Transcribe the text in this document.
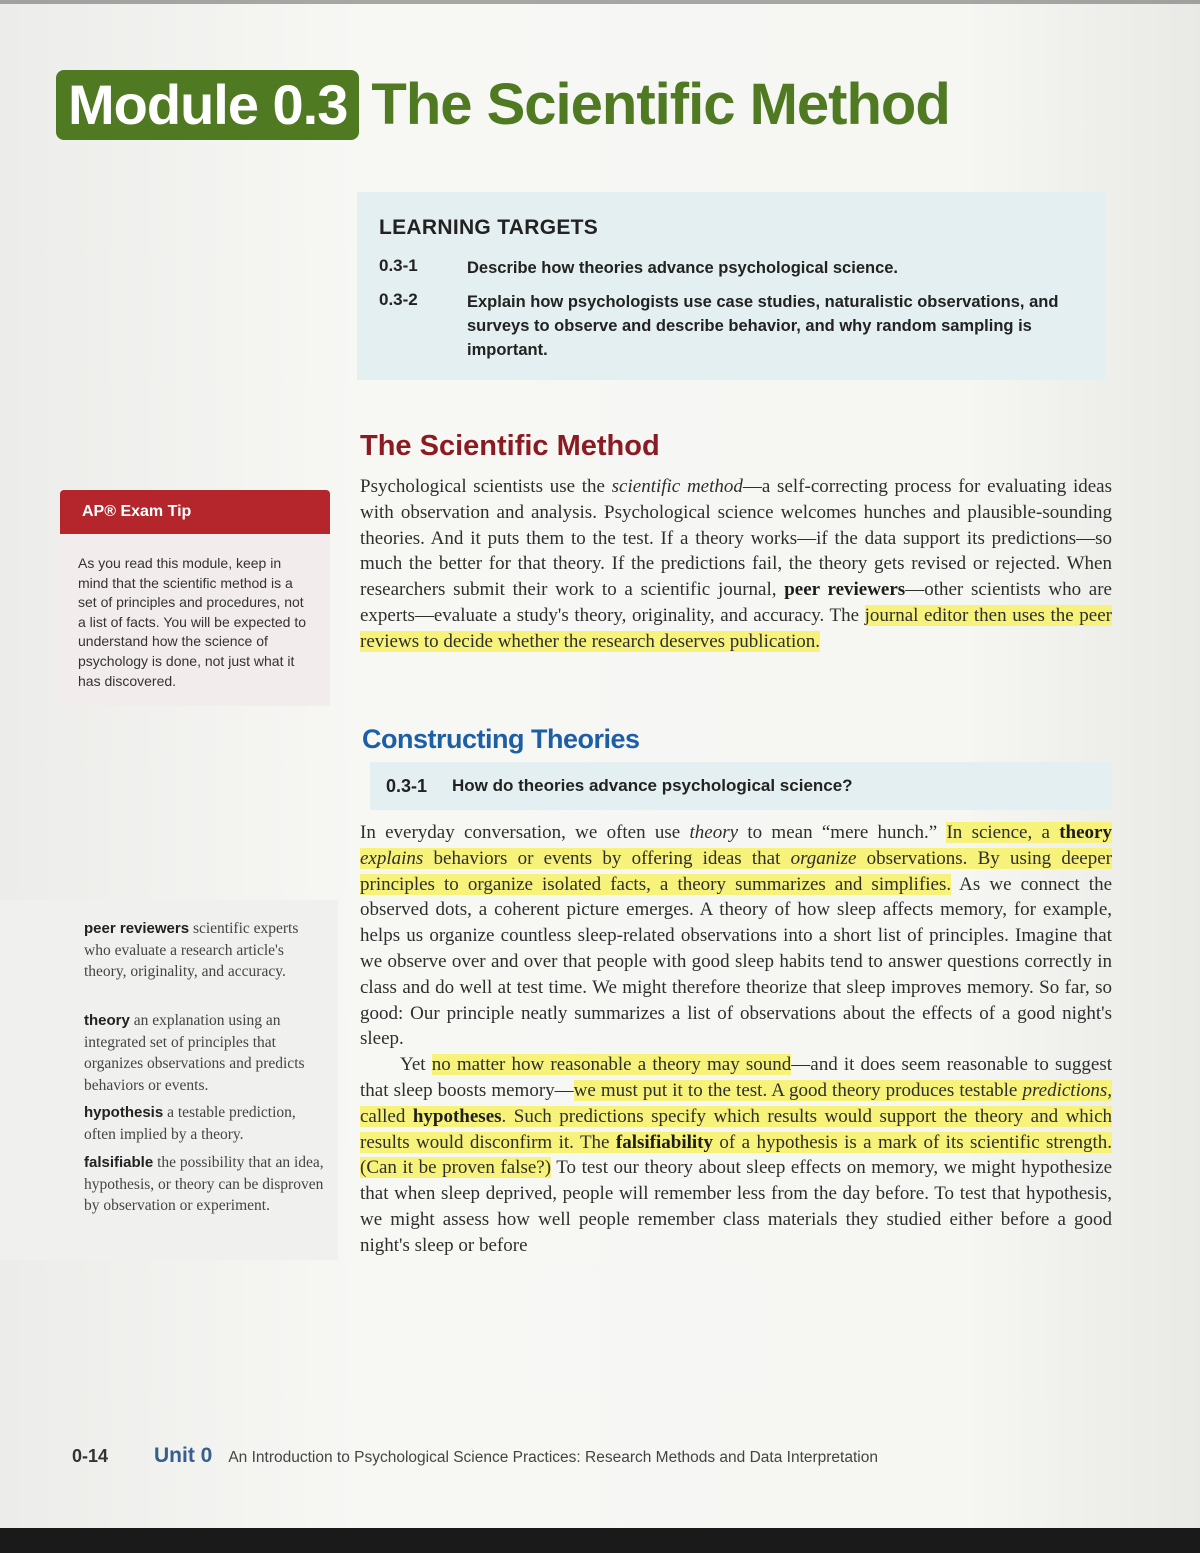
Module 0.3 The Scientific Method
LEARNING TARGETS
0.3-1	Describe how theories advance psychological science.
0.3-2	Explain how psychologists use case studies, naturalistic observations, and surveys to observe and describe behavior, and why random sampling is important.
AP® Exam Tip
As you read this module, keep in mind that the scientific method is a set of principles and procedures, not a list of facts. You will be expected to understand how the science of psychology is done, not just what it has discovered.
The Scientific Method

Psychological scientists use the scientific method—a self-correcting process for evaluating ideas with observation and analysis. Psychological science welcomes hunches and plausible-sounding theories. And it puts them to the test. If a theory works—if the data support its predictions—so much the better for that theory. If the predictions fail, the theory gets revised or rejected. When researchers submit their work to a scientific journal, peer reviewers—other scientists who are experts—evaluate a study's theory, originality, and accuracy. The journal editor then uses the peer reviews to decide whether the research deserves publication.

Constructing Theories
0.3-1 How do theories advance psychological science?

In everyday conversation, we often use theory to mean “mere hunch.” In science, a theory explains behaviors or events by offering ideas that organize observations. By using deeper principles to organize isolated facts, a theory summarizes and simplifies. As we connect the observed dots, a coherent picture emerges. A theory of how sleep affects memory, for example, helps us organize countless sleep-related observations into a short list of principles. Imagine that we observe over and over that people with good sleep habits tend to answer questions correctly in class and do well at test time. We might therefore theorize that sleep improves memory. So far, so good: Our principle neatly summarizes a list of observations about the effects of a good night's sleep.

Yet no matter how reasonable a theory may sound—and it does seem reasonable to suggest that sleep boosts memory—we must put it to the test. A good theory produces testable predictions, called hypotheses. Such predictions specify which results would support the theory and which results would disconfirm it. The falsifiability of a hypothesis is a mark of its scientific strength. (Can it be proven false?) To test our theory about sleep effects on memory, we might hypothesize that when sleep deprived, people will remember less from the day before. To test that hypothesis, we might assess how well people remember class materials they studied either before a good night's sleep or before

peer reviewers scientific experts who evaluate a research article's theory, originality, and accuracy.
theory an explanation using an integrated set of principles that organizes observations and predicts behaviors or events.
hypothesis a testable prediction, often implied by a theory.
falsifiable the possibility that an idea, hypothesis, or theory can be disproven by observation or experiment.
0-14	Unit 0 An Introduction to Psychological Science Practices: Research Methods and Data Interpretation
